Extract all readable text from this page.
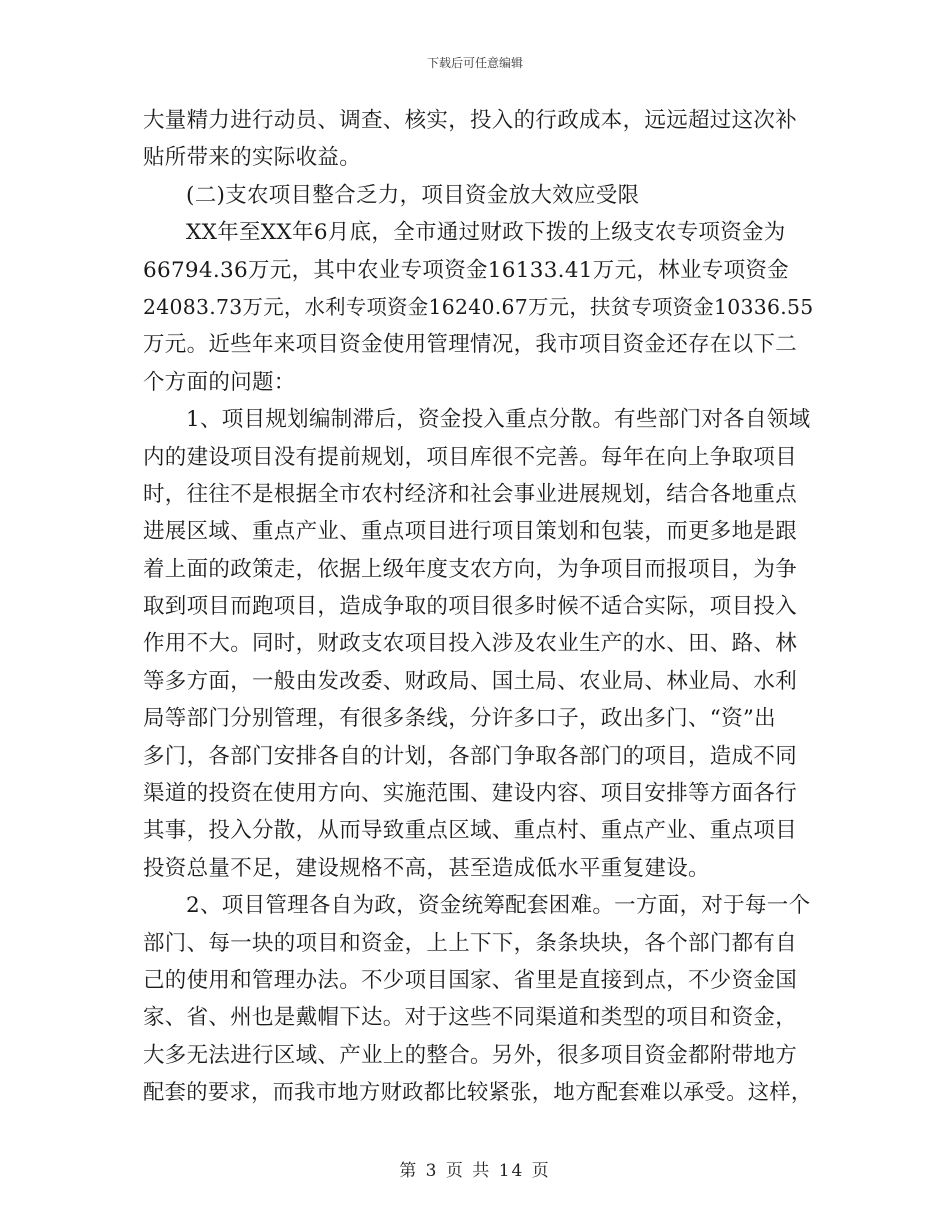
下载后可任意编辑
大量精力进行动员、调查、核实，投入的行政成本，远远超过这次补
贴所带来的实际收益。
(二)支农项目整合乏力，项目资金放大效应受限
XX年至XX年6月底，全市通过财政下拨的上级支农专项资金为
66794.36万元，其中农业专项资金16133.41万元，林业专项资金
24083.73万元，水利专项资金16240.67万元，扶贫专项资金10336.55
万元。近些年来项目资金使用管理情况，我市项目资金还存在以下二
个方面的问题：
1、项目规划编制滞后，资金投入重点分散。有些部门对各自领域
内的建设项目没有提前规划，项目库很不完善。每年在向上争取项目
时，往往不是根据全市农村经济和社会事业进展规划，结合各地重点
进展区域、重点产业、重点项目进行项目策划和包装，而更多地是跟
着上面的政策走，依据上级年度支农方向，为争项目而报项目，为争
取到项目而跑项目，造成争取的项目很多时候不适合实际，项目投入
作用不大。同时，财政支农项目投入涉及农业生产的水、田、路、林
等多方面，一般由发改委、财政局、国土局、农业局、林业局、水利
局等部门分别管理，有很多条线，分许多口子，政出多门、“资”出
多门，各部门安排各自的计划，各部门争取各部门的项目，造成不同
渠道的投资在使用方向、实施范围、建设内容、项目安排等方面各行
其事，投入分散，从而导致重点区域、重点村、重点产业、重点项目
投资总量不足，建设规格不高，甚至造成低水平重复建设。
2、项目管理各自为政，资金统筹配套困难。一方面，对于每一个
部门、每一块的项目和资金，上上下下，条条块块，各个部门都有自
己的使用和管理办法。不少项目国家、省里是直接到点，不少资金国
家、省、州也是戴帽下达。对于这些不同渠道和类型的项目和资金，
大多无法进行区域、产业上的整合。另外，很多项目资金都附带地方
配套的要求，而我市地方财政都比较紧张，地方配套难以承受。这样，
第 3 页 共 14 页
